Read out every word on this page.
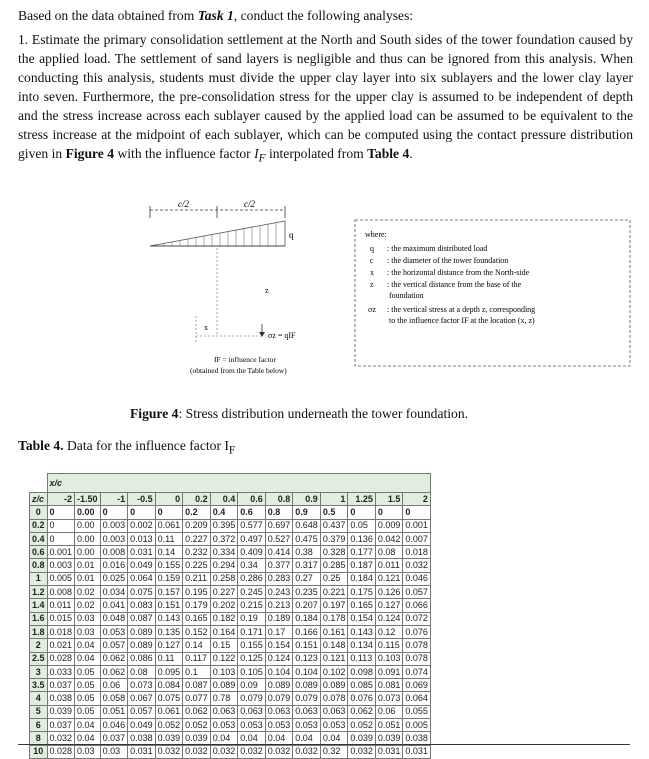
Based on the data obtained from Task 1, conduct the following analyses:

1. Estimate the primary consolidation settlement at the North and South sides of the tower foundation caused by the applied load. The settlement of sand layers is negligible and thus can be ignored from this analysis. When conducting this analysis, students must divide the upper clay layer into six sublayers and the lower clay layer into seven. Furthermore, the pre-consolidation stress for the upper clay is assumed to be independent of depth and the stress increase across each sublayer caused by the applied load can be assumed to be equivalent to the stress increase at the midpoint of each sublayer, which can be computed using the contact pressure distribution given in Figure 4 with the influence factor $I_F$ interpolated from Table 4.

c/2	c/2
q
z
x
σz = qIF
IF = influence factor
(obtained from the Table below)
where:
q : the maximum distributed load
c : the diameter of the tower foundation
x : the horizontal distance from the North-side
z : the vertical distance from the base of the
foundation
σz : the vertical stress at a depth z, corresponding
to the influence factor IF at the location (x, z)

Figure 4: Stress distribution underneath the tower foundation.

Table 4. Data for the influence factor $I_F$

	x/c													
z/c	-2	-1.50	-1	-0.5	0	0.2	0.4	0.6	0.8	0.9	1	1.25	1.5	2
0	0	0.00	0	0	0	0.2	0.4	0.6	0.8	0.9	0.5	0	0	0
0.2	0	0.00	0.003	0.002	0.061	0.209	0.395	0.577	0.697	0.648	0.437	0.05	0.009	0.001
0.4	0	0.00	0.003	0.013	0.11	0.227	0.372	0.497	0.527	0.475	0.379	0.136	0.042	0.007
0.6	0.001	0.00	0.008	0.031	0.14	0.232	0.334	0.409	0.414	0.38	0.328	0.177	0.08	0.018
0.8	0.003	0.01	0.016	0.049	0.155	0.225	0.294	0.34	0.377	0.317	0.285	0.187	0.011	0.032
1	0.005	0.01	0.025	0.064	0.159	0.211	0.258	0.286	0.283	0.27	0.25	0.184	0.121	0.046
1.2	0.008	0.02	0.034	0.075	0.157	0.195	0.227	0.245	0.243	0.235	0.221	0.175	0.126	0.057
1.4	0.011	0.02	0.041	0.083	0.151	0.179	0.202	0.215	0.213	0.207	0.197	0.165	0.127	0.066
1.6	0.015	0.03	0.048	0.087	0.143	0.165	0.182	0.19	0.189	0.184	0.178	0.154	0.124	0.072
1.8	0.018	0.03	0.053	0.089	0.135	0.152	0.164	0.171	0.17	0.166	0.161	0.143	0.12	0.076
2	0.021	0.04	0.057	0.089	0.127	0.14	0.15	0.155	0.154	0.151	0.148	0.134	0.115	0.078
2.5	0.028	0.04	0.062	0.086	0.11	0.117	0.122	0.125	0.124	0.123	0.121	0.113	0.103	0.078
3	0.033	0.05	0.062	0.08	0.095	0.1	0.103	0.105	0.104	0.104	0.102	0.098	0.091	0.074
3.5	0.037	0.05	0.06	0.073	0.084	0.087	0.089	0.09	0.089	0.089	0.089	0.085	0.081	0.069
4	0.038	0.05	0.058	0.067	0.075	0.077	0.78	0.079	0.079	0.079	0.078	0.076	0.073	0.064
5	0.039	0.05	0.051	0.057	0.061	0.062	0.063	0.063	0.063	0.063	0.063	0.062	0.06	0.055
6	0.037	0.04	0.046	0.049	0.052	0.052	0.053	0.053	0.053	0.053	0.053	0.052	0.051	0.005
8	0.032	0.04	0.037	0.038	0.039	0.039	0.04	0.04	0.04	0.04	0.04	0.039	0.039	0.038
10	0.028	0.03	0.03	0.031	0.032	0.032	0.032	0.032	0.032	0.032	0.32	0.032	0.031	0.031
